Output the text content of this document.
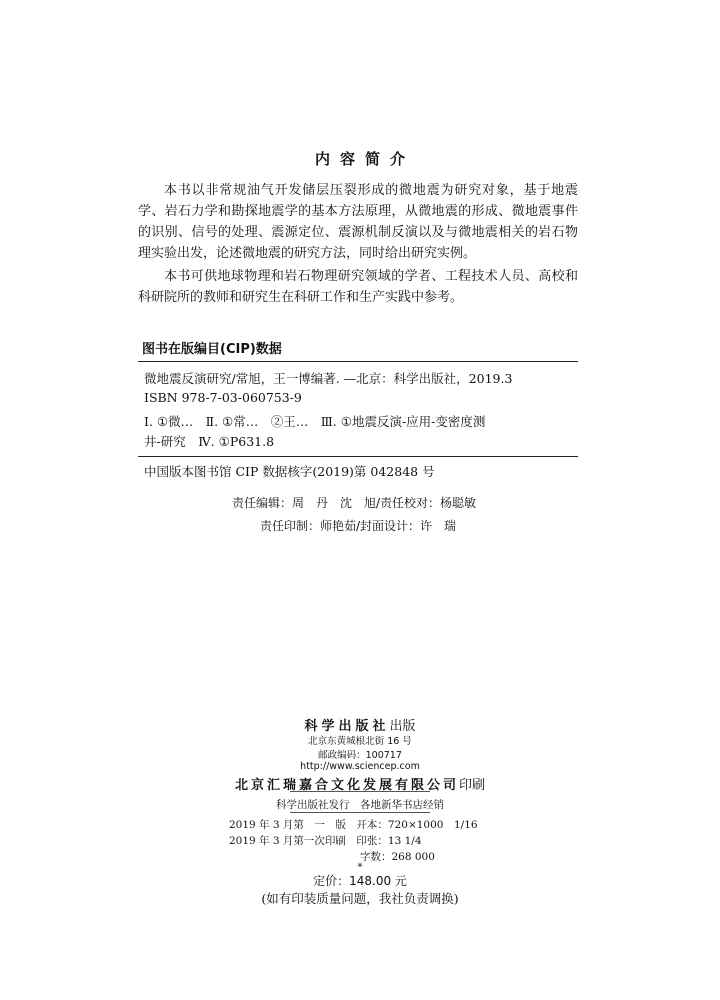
内容简介

本书以非常规油气开发储层压裂形成的微地震为研究对象，基于地震学、岩石力学和勘探地震学的基本方法原理，从微地震的形成、微地震事件的识别、信号的处理、震源定位、震源机制反演以及与微地震相关的岩石物理实验出发，论述微地震的研究方法，同时给出研究实例。

本书可供地球物理和岩石物理研究领域的学者、工程技术人员、高校和科研院所的教师和研究生在科研工作和生产实践中参考。

图书在版编目(CIP)数据
微地震反演研究/常旭，王一博编著. —北京：科学出版社，2019.3
ISBN 978-7-03-060753-9
Ⅰ. ①微…　Ⅱ. ①常…　②王…　Ⅲ. ①地震反演-应用-变密度测
井-研究　Ⅳ. ①P631.8
中国版本图书馆 CIP 数据核字(2019)第 042848 号
责任编辑：周　丹　沈　旭/责任校对：杨聪敏
责任印制：师艳茹/封面设计：许　瑞
科学出版社出版
北京东黄城根北街 16 号
邮政编码：100717
http://www.sciencep.com
北京汇瑞嘉合文化发展有限公司印刷
科学出版社发行　各地新华书店经销
2019 年 3 月第　一　版　开本：720×1000　1/16
2019 年 3 月第一次印刷　印张：13 1/4
字数：268 000
*
定价：148.00 元
(如有印装质量问题，我社负责调换)
